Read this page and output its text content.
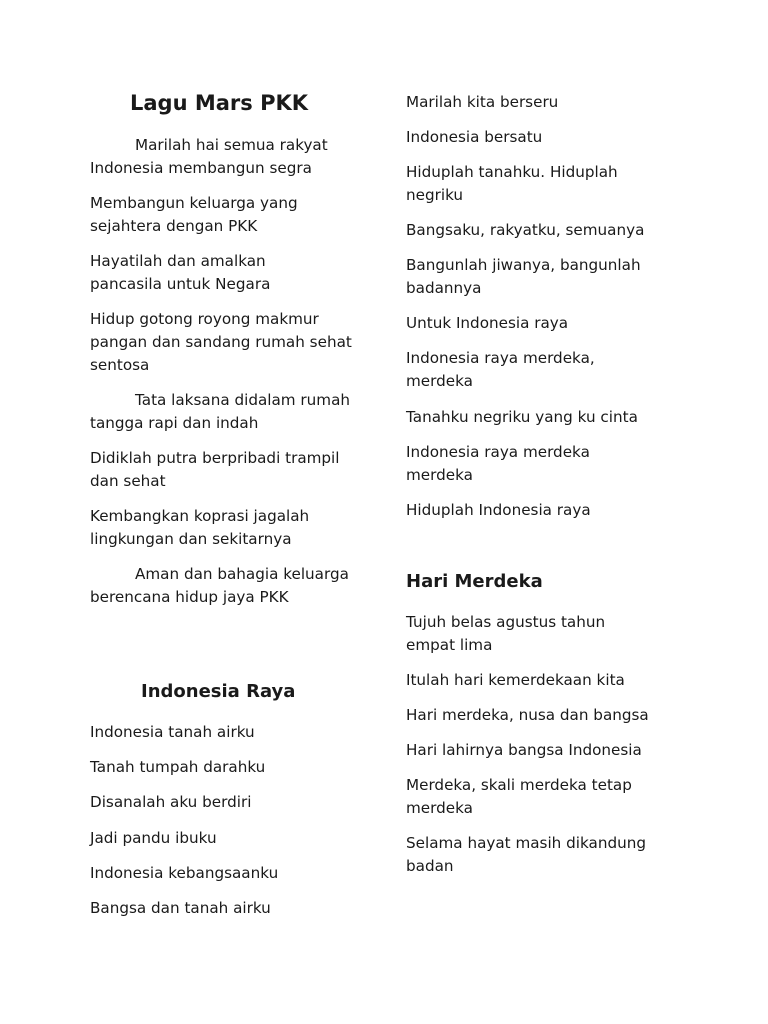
Lagu Mars PKK

Marilah hai semua rakyat Indonesia membangun segra

Membangun keluarga yang sejahtera dengan PKK

Hayatilah dan amalkan pancasila untuk Negara

Hidup gotong royong makmur pangan dan sandang rumah sehat sentosa

Tata laksana didalam rumah tangga rapi dan indah

Didiklah putra berpribadi trampil dan sehat

Kembangkan koprasi jagalah lingkungan dan sekitarnya

Aman dan bahagia keluarga berencana hidup jaya PKK

Indonesia Raya

Indonesia tanah airku

Tanah tumpah darahku

Disanalah aku berdiri

Jadi pandu ibuku

Indonesia kebangsaanku

Bangsa dan tanah airku

Marilah kita berseru

Indonesia bersatu

Hiduplah tanahku. Hiduplah negriku

Bangsaku, rakyatku, semuanya

Bangunlah jiwanya, bangunlah badannya

Untuk Indonesia raya

Indonesia raya merdeka, merdeka

Tanahku negriku yang ku cinta

Indonesia raya merdeka merdeka

Hiduplah Indonesia raya

Hari Merdeka

Tujuh belas agustus tahun empat lima

Itulah hari kemerdekaan kita

Hari merdeka, nusa dan bangsa

Hari lahirnya bangsa Indonesia

Merdeka, skali merdeka tetap merdeka

Selama hayat masih dikandung badan
